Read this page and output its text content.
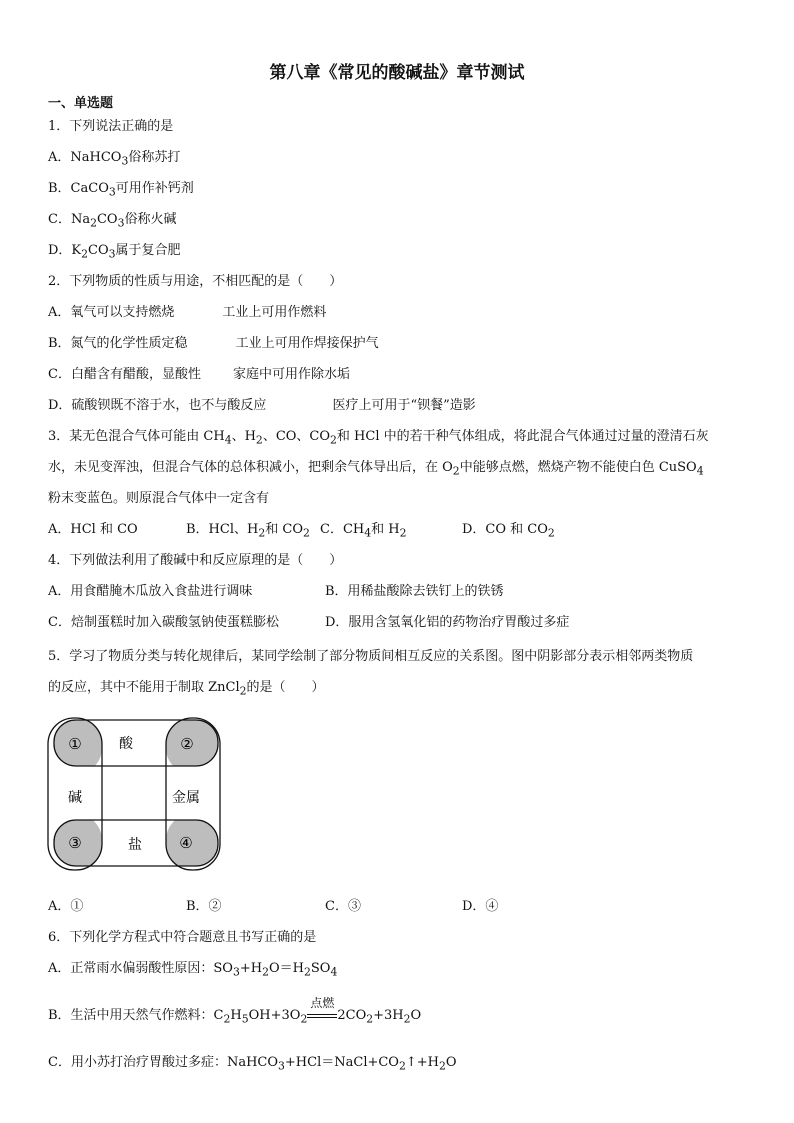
第八章《常见的酸碱盐》章节测试
一、单选题
1．下列说法正确的是
A．NaHCO$_3$俗称苏打
B．CaCO$_3$可用作补钙剂
C．$Na_2CO_3$俗称火碱
D．$K_2CO_3$属于复合肥
2．下列物质的性质与用途，不相匹配的是（　　）
A．氧气可以支持燃烧	工业上可用作燃料
B．氮气的化学性质定稳	工业上可用作焊接保护气
C．白醋含有醋酸，显酸性 家庭中可用作除水垢
D．硫酸钡既不溶于水，也不与酸反应	医疗上可用于“钡餐”造影
3．某无色混合气体可能由 $CH_4$、$H_2$、CO、$CO_2$和 HCl 中的若干种气体组成，将此混合气体通过过量的澄清石灰
水，未见变浑浊，但混合气体的总体积减小，把剩余气体导出后，在 $O_2$中能够点燃，燃烧产物不能使白色 CuSO$_4$
粉末变蓝色。则原混合气体中一定含有
A．HCl 和 CO	B．HCl、$H_2$和 $CO_2$ C．$CH_4$和 $H_2$	D．CO 和 $CO_2$
4．下列做法利用了酸碱中和反应原理的是（　　）
A．用食醋腌木瓜放入食盐进行调味	B．用稀盐酸除去铁钉上的铁锈
C．焙制蛋糕时加入碳酸氢钠使蛋糕膨松	D．服用含氢氧化铝的药物治疗胃酸过多症
5．学习了物质分类与转化规律后，某同学绘制了部分物质间相互反应的关系图。图中阴影部分表示相邻两类物质
的反应，其中不能用于制取 ZnCl$_2$的是（　　）
酸
碱	金属
盐
①	②
③	④
A．①	B．②	C．③	D．④
6．下列化学方程式中符合题意且书写正确的是
A．正常雨水偏弱酸性原因：$SO_3+H_2O=H_2SO_4$
B．生活中用天然气作燃料：$C_2H_5OH+3O_2$
点燃
$2CO_2+3H_2O$
C．用小苏打治疗胃酸过多症：$NaHCO_3+HCl=NaCl+CO_2↑+H_2O$
